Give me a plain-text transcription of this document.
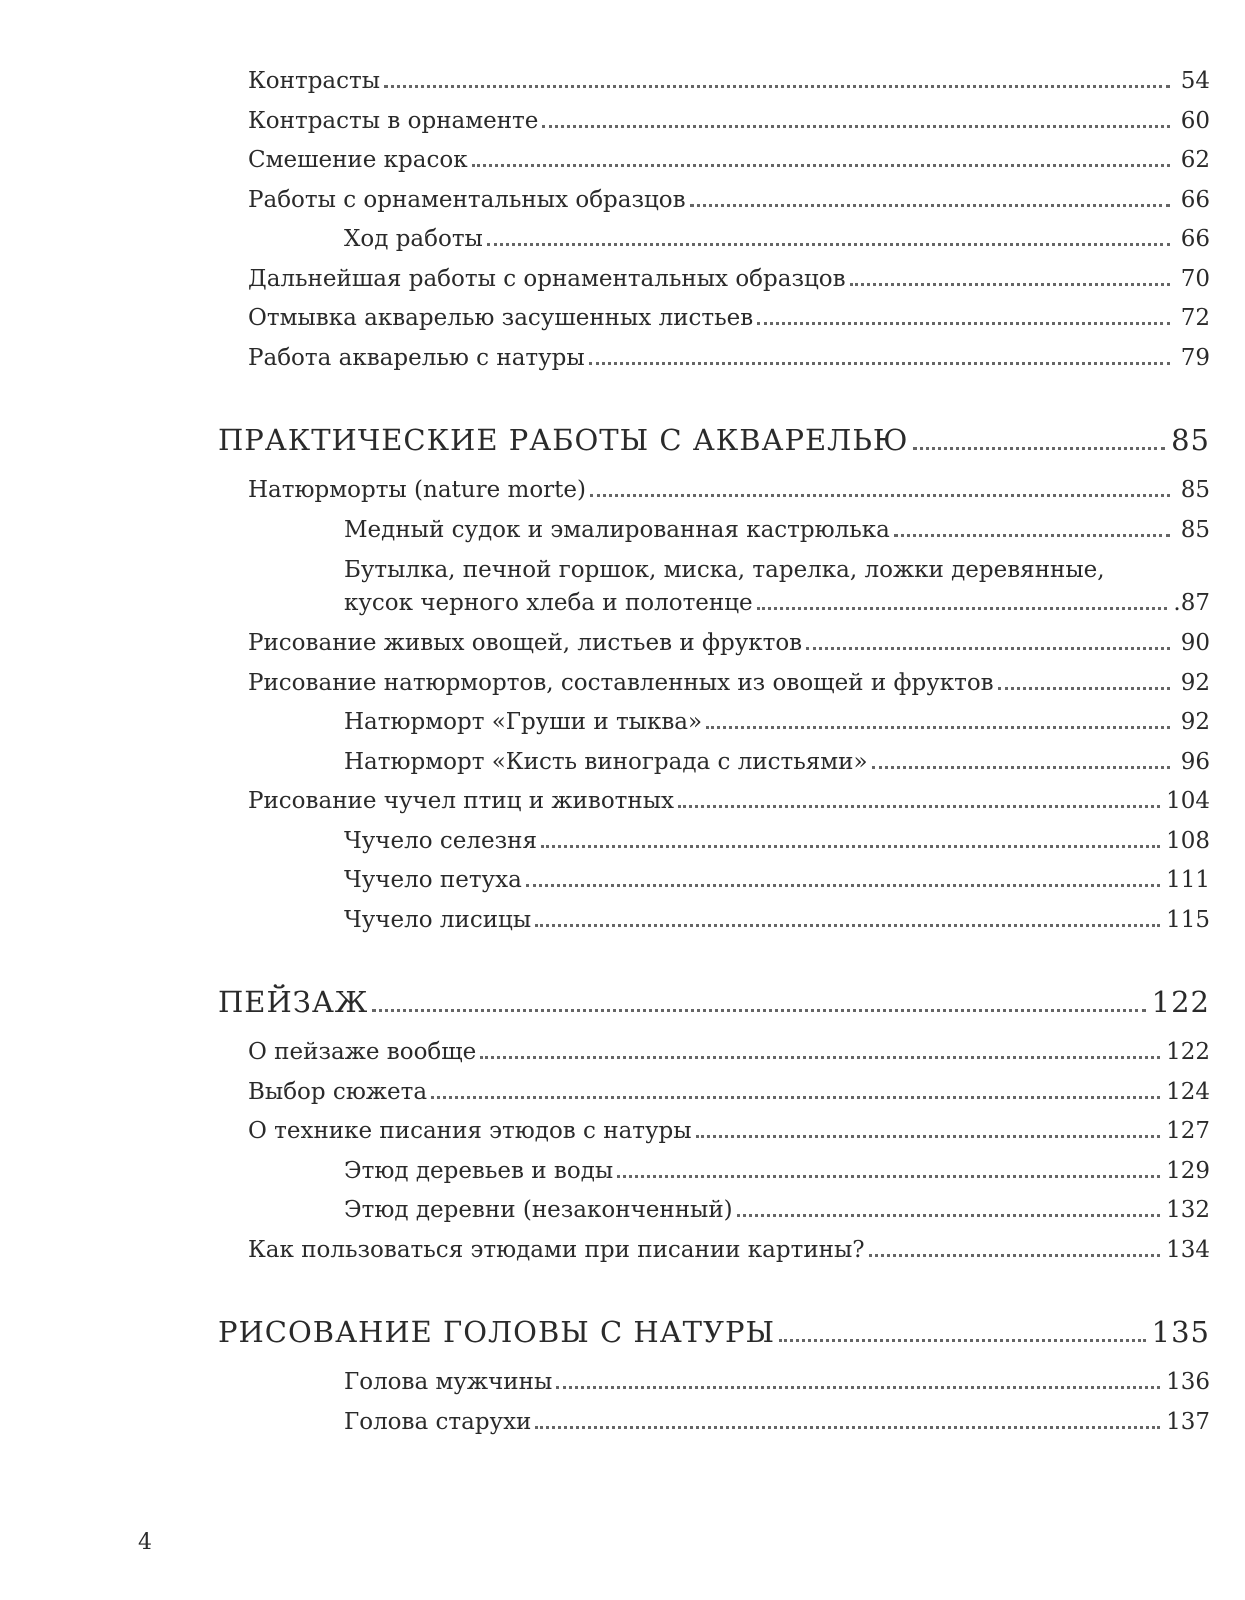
Контрасты	54
Контрасты в орнаменте	60
Смешение красок	62
Работы с орнаментальных образцов	66
Ход работы	66
Дальнейшая работы с орнаментальных образцов	70
Отмывка акварелью засушенных листьев	72
Работа акварелью с натуры	79
ПРАКТИЧЕСКИЕ РАБОТЫ С АКВАРЕЛЬЮ	85
Натюрморты (nature morte)	85
Медный судок и эмалированная кастрюлька	85
Бутылка, печной горшок, миска, тарелка, ложки деревянные,
кусок черного хлеба и полотенце	.87
Рисование живых овощей, листьев и фруктов	90
Рисование натюрмортов, составленных из овощей и фруктов	92
Натюрморт «Груши и тыква»	92
Натюрморт «Кисть винограда с листьями»	96
Рисование чучел птиц и животных	104
Чучело селезня	108
Чучело петуха	111
Чучело лисицы	115
ПЕЙЗАЖ	122
О пейзаже вообще	122
Выбор сюжета	124
О технике писания этюдов с натуры	127
Этюд деревьев и воды	129
Этюд деревни (незаконченный)	132
Как пользоваться этюдами при писании картины?	134
РИСОВАНИЕ ГОЛОВЫ С НАТУРЫ	135
Голова мужчины	136
Голова старухи	137
4
